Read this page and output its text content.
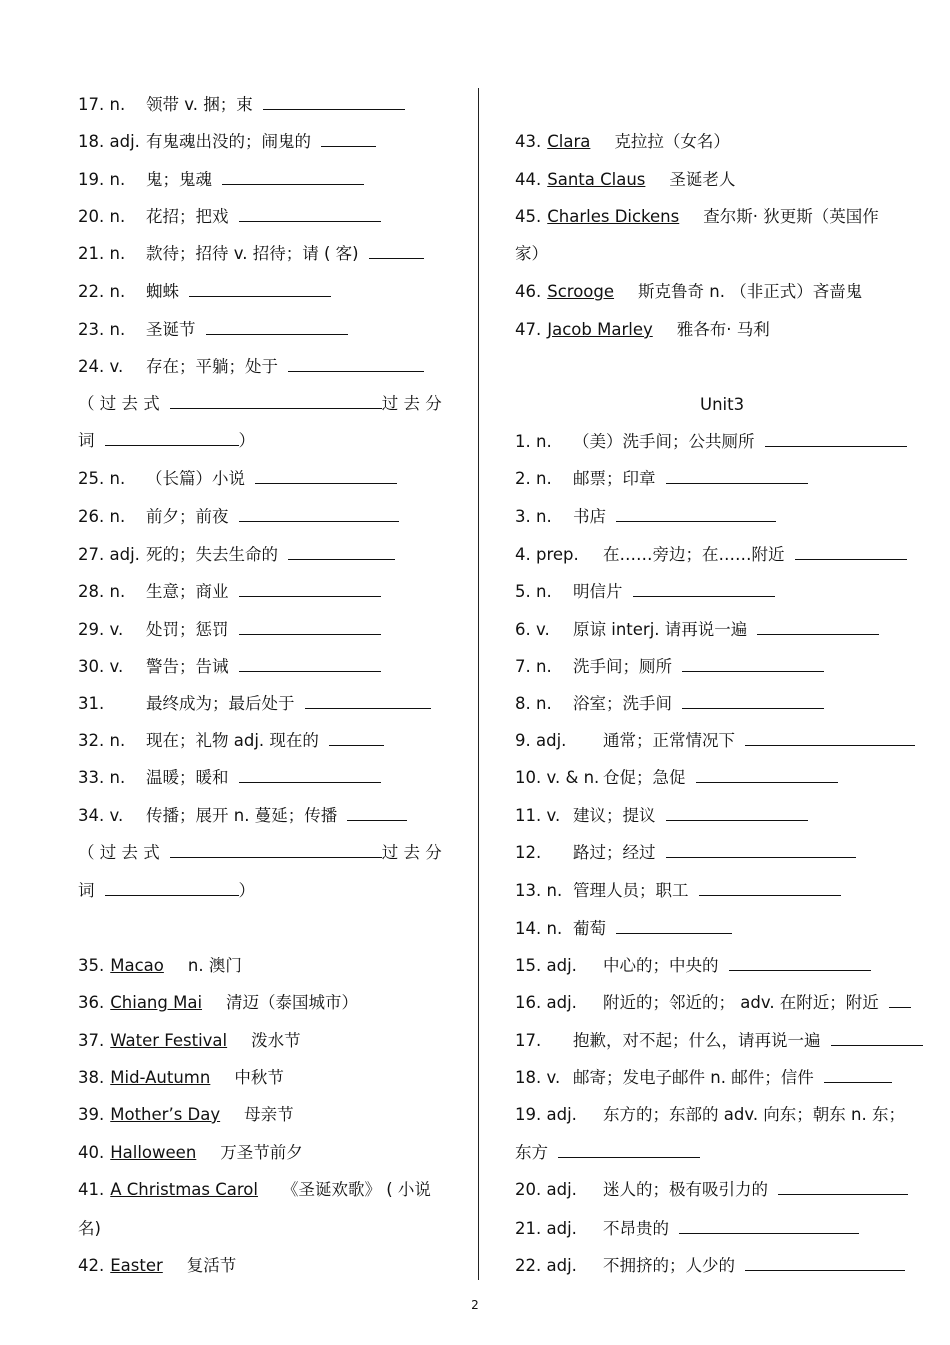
17. n. 领带 v. 捆；束
18. adj. 有鬼魂出没的；闹鬼的
19. n. 鬼；鬼魂
20. n. 花招；把戏
21. n. 款待；招待 v. 招待；请 ( 客)
22. n. 蜘蛛
23. n. 圣诞节
24. v. 存在；平躺；处于
（ 过 去 式	过 去 分
词	）
25. n. （长篇）小说
26. n. 前夕；前夜
27. adj. 死的；失去生命的
28. n. 生意；商业
29. v. 处罚；惩罚
30. v. 警告；告诫
31.	最终成为；最后处于
32. n. 现在；礼物 adj. 现在的
33. n. 温暖；暖和
34. v. 传播；展开 n. 蔓延；传播
（ 过 去 式	过 去 分
词	）
35. Macao n. 澳门
36. Chiang Mai 清迈（泰国城市）
37. Water Festival 泼水节
38. Mid-Autumn 中秋节
39. Mother’s Day 母亲节
40. Halloween 万圣节前夕
41. A Christmas Carol 《圣诞欢歌》 ( 小说
名)
42. Easter 复活节
43. Clara 克拉拉（女名）
44. Santa Claus 圣诞老人
45. Charles Dickens 查尔斯· 狄更斯（英国作
家）
46. Scrooge 斯克鲁奇 n. （非正式）吝啬鬼
47. Jacob Marley 雅各布· 马利
Unit3
1. n. （美）洗手间；公共厕所
2. n. 邮票；印章
3. n. 书店
4. prep. 在……旁边；在……附近
5. n. 明信片
6. v. 原谅 interj. 请再说一遍
7. n. 洗手间；厕所
8. n. 浴室；洗手间
9. adj. 通常；正常情况下
10. v. & n. 仓促；急促
11. v. 建议；提议
12. 路过；经过
13. n. 管理人员；职工
14. n. 葡萄
15. adj. 中心的；中央的
16. adj. 附近的；邻近的； adv. 在附近；附近
17. 抱歉，对不起；什么，请再说一遍
18. v. 邮寄；发电子邮件 n. 邮件；信件
19. adj. 东方的；东部的 adv. 向东；朝东 n. 东；
东方
20. adj. 迷人的；极有吸引力的
21. adj. 不昂贵的
22. adj. 不拥挤的；人少的
2
